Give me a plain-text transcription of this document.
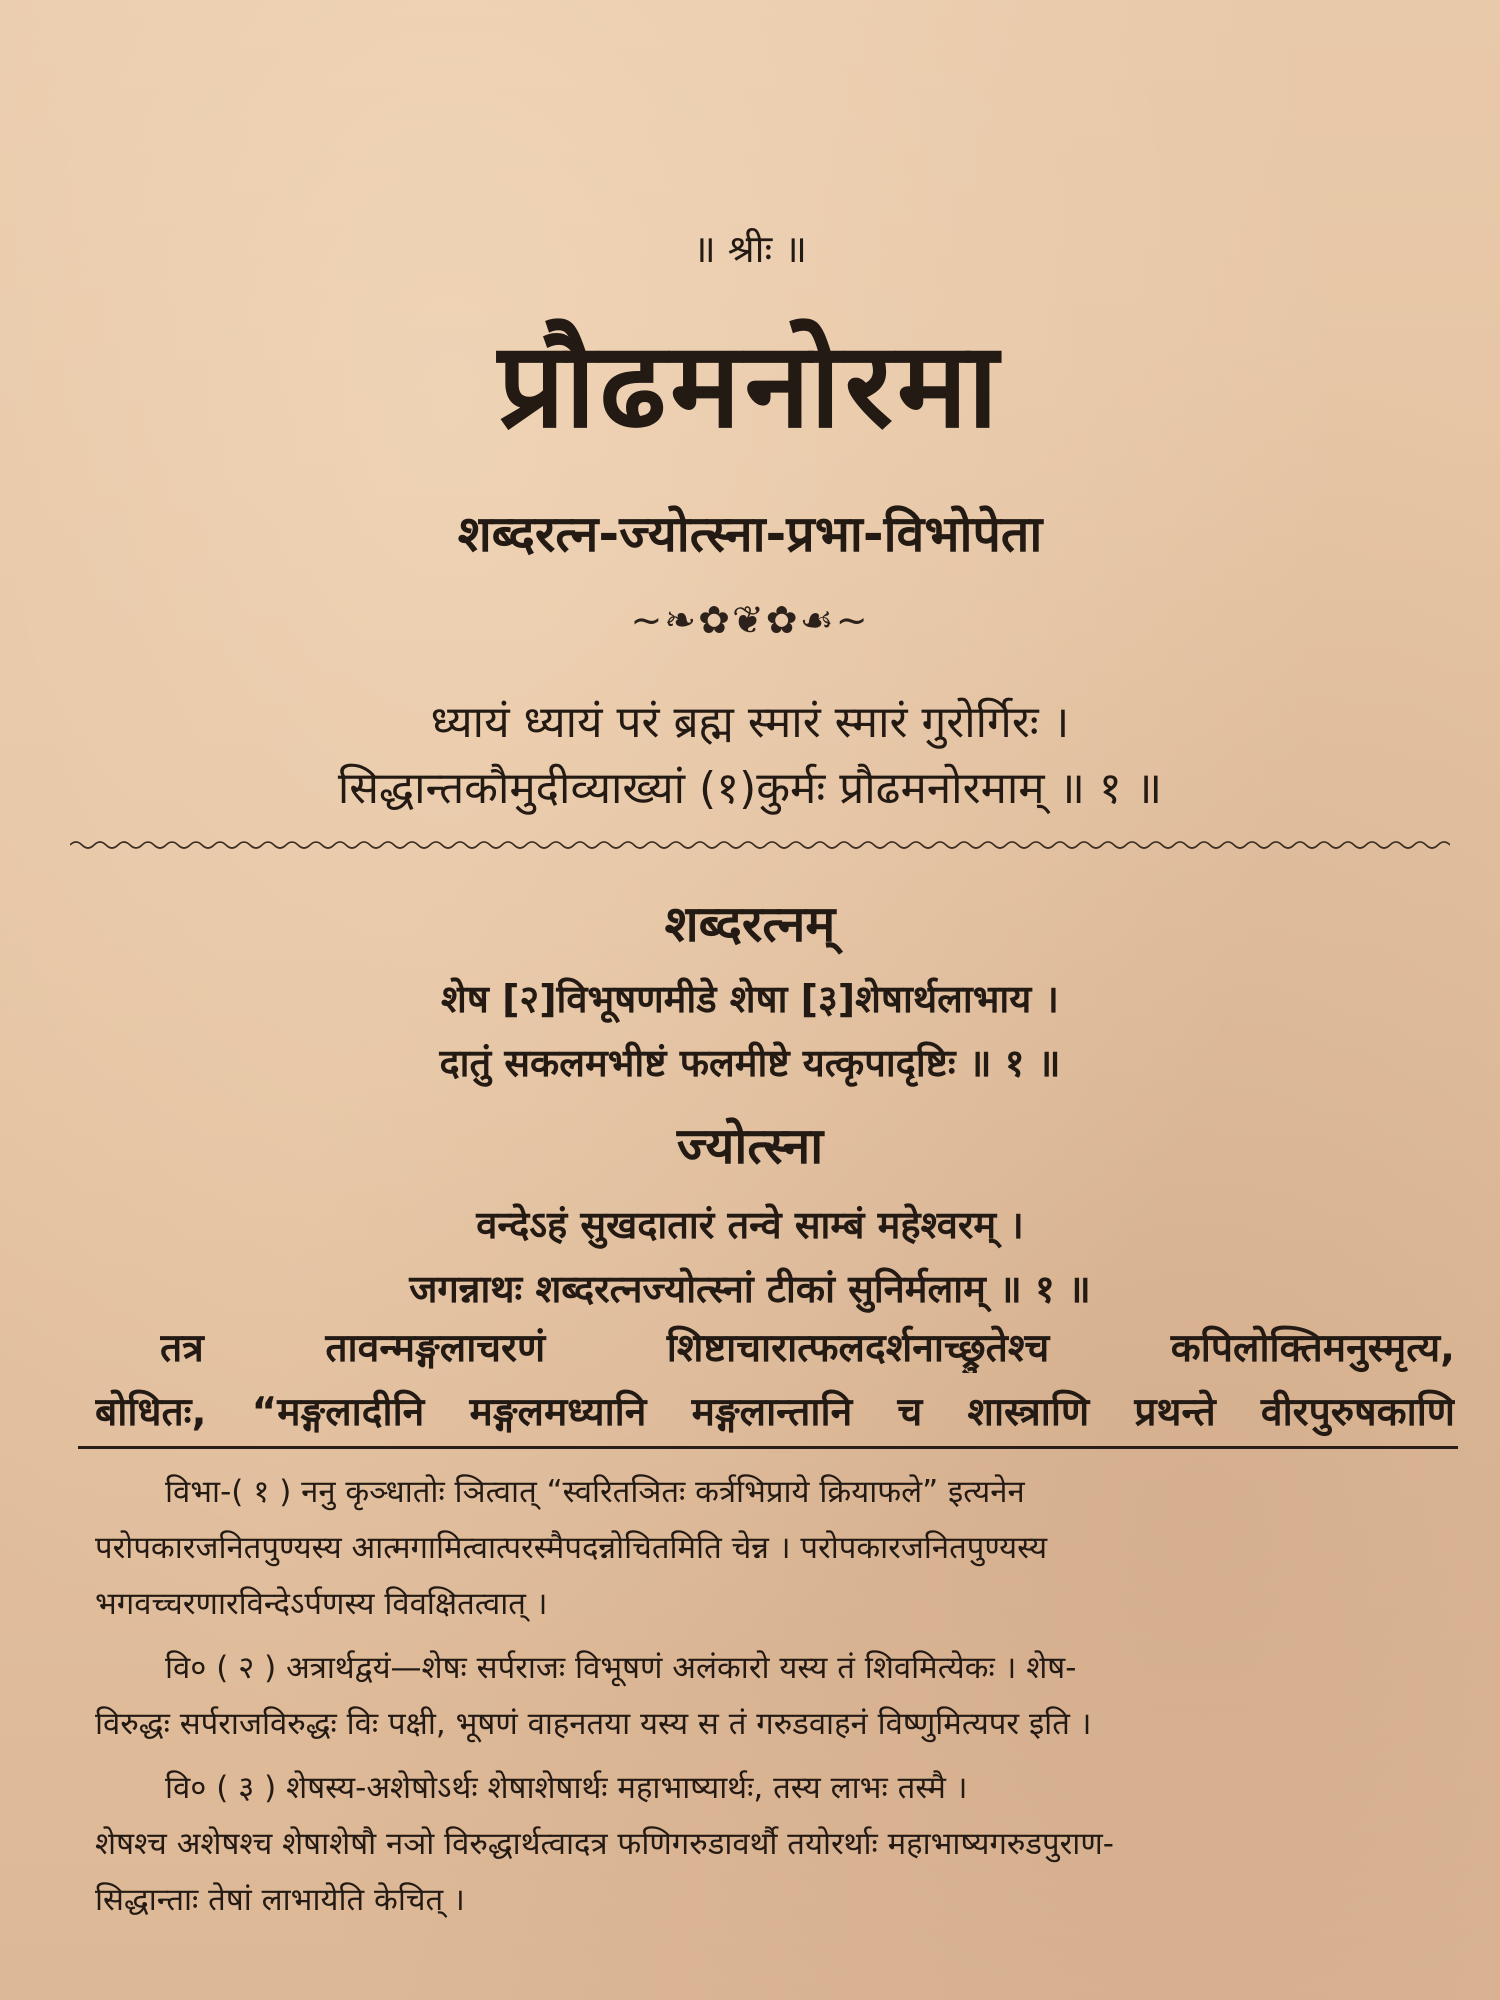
॥ श्रीः ॥
प्रौढमनोरमा
शब्दरत्न-ज्योत्स्ना-प्रभा-विभोपेता
~❧✿❦✿☙~
ध्यायं ध्यायं परं ब्रह्म स्मारं स्मारं गुरोर्गिरः ।
सिद्धान्तकौमुदीव्याख्यां (१)कुर्मः प्रौढमनोरमाम् ॥ १ ॥
शब्दरत्नम्
शेष [२]विभूषणमीडे शेषा [३]शेषार्थलाभाय ।
दातुं सकलमभीष्टं फलमीष्टे यत्कृपादृष्टिः ॥ १ ॥
ज्योत्स्ना
वन्देऽहं सुखदातारं तन्वे साम्बं महेश्वरम् ।
जगन्नाथः शब्दरत्नज्योत्स्नां टीकां सुनिर्मलाम् ॥ १ ॥
तत्र तावन्मङ्गलाचरणं शिष्टाचारात्फलदर्शनाच्छ्रुतेश्च कपिलोक्तिमनुस्मृत्य,
बोधितः, “मङ्गलादीनि मङ्गलमध्यानि मङ्गलान्तानि च शास्त्राणि प्रथन्ते वीरपुरुषकाणि
विभा-( १ ) ननु कृञ्धातोः ञित्वात् “स्वरितञितः कर्त्रभिप्राये क्रियाफले” इत्यनेन
परोपकारजनितपुण्यस्य आत्मगामित्वात्परस्मैपदन्नोचितमिति चेन्न । परोपकारजनितपुण्यस्य
भगवच्चरणारविन्देऽर्पणस्य विवक्षितत्वात् ।
वि० ( २ ) अत्रार्थद्वयं—शेषः सर्पराजः विभूषणं अलंकारो यस्य तं शिवमित्येकः । शेष-
विरुद्धः सर्पराजविरुद्धः विः पक्षी, भूषणं वाहनतया यस्य स तं गरुडवाहनं विष्णुमित्यपर इति ।
वि० ( ३ ) शेषस्य-अशेषोऽर्थः शेषाशेषार्थः महाभाष्यार्थः, तस्य लाभः तस्मै ।
शेषश्च अशेषश्च शेषाशेषौ नञो विरुद्धार्थत्वादत्र फणिगरुडावर्थौ तयोरर्थाः महाभाष्यगरुडपुराण-
सिद्धान्ताः तेषां लाभायेति केचित् ।
